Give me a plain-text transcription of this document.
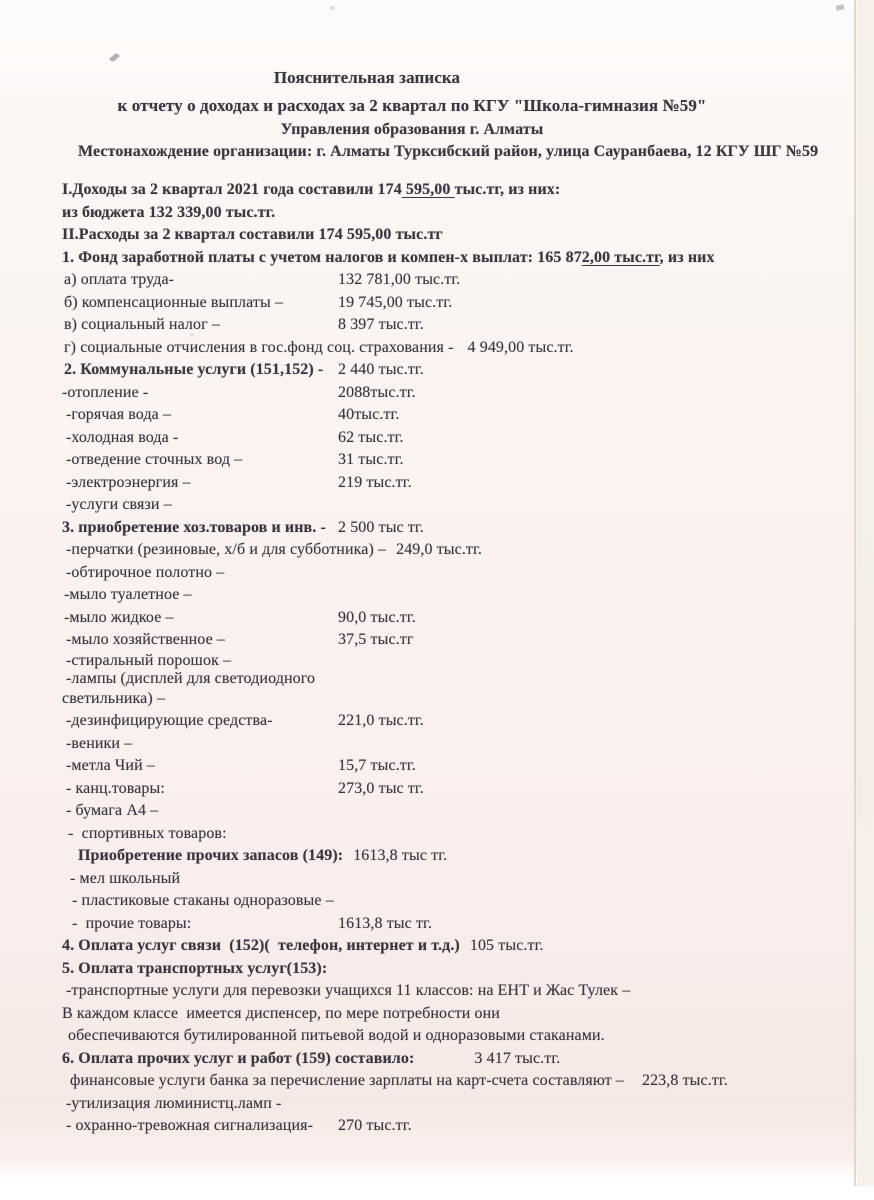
Пояснительная записка
к отчету о доходах и расходах за 2 квартал по КГУ "Школа-гимназия №59"
Управления образования г. Алматы
Местонахождение организации: г. Алматы Турксибский район, улица Сауранбаева, 12 КГУ ШГ №59
I.Доходы за 2 квартал 2021 года составили 174 595,00 тыс.тг, из них:
из бюджета 132 339,00 тыс.тг.
II.Расходы за 2 квартал составили 174 595,00 тыс.тг
1. Фонд заработной платы с учетом налогов и компен-х выплат: 165 872,00 тыс.тг, из них
а) оплата труда-	132 781,00 тыс.тг.
б) компенсационные выплаты –	19 745,00 тыс.тг.
в) социальный налог –	8 397 тыс.тг.
г) социальные отчисления в гос.фонд соц. страхования - 4 949,00 тыс.тг.
2. Коммунальные услуги (151,152) - 2 440 тыс.тг.
-отопление -	2088тыс.тг.
-горячая вода –	40тыс.тг.
-холодная вода -	62 тыс.тг.
-отведение сточных вод –	31 тыс.тг.
-электроэнергия –	219 тыс.тг.
-услуги связи –
3. приобретение хоз.товаров и инв. - 2 500 тыс тг.
-перчатки (резиновые, х/б и для субботника) – 249,0 тыс.тг.
-обтирочное полотно –
-мыло туалетное –
-мыло жидкое –	90,0 тыс.тг.
-мыло хозяйственное –	37,5 тыс.тг
-стиральный порошок –
-лампы (дисплей для светодиодного
светильника) –
-дезинфицирующие средства-	221,0 тыс.тг.
-веники –
-метла Чий –	15,7 тыс.тг.
- канц.товары:	273,0 тыс тг.
- бумага А4 –
-  спортивных товаров:
Приобретение прочих запасов (149): 1613,8 тыс тг.
- мел школьный
- пластиковые стаканы одноразовые –
-  прочие товары:	1613,8 тыс тг.
4. Оплата услуг связи  (152)(  телефон, интернет и т.д.) 105 тыс.тг.
5. Оплата транспортных услуг(153):
-транспортные услуги для перевозки учащихся 11 классов: на ЕНТ и Жас Тулек –
В каждом классе  имеется диспенсер, по мере потребности они
обеспечиваются бутилированной питьевой водой и одноразовыми стаканами.
6. Оплата прочих услуг и работ (159) составило:	3 417 тыс.тг.
финансовые услуги банка за перечисление зарплаты на карт-счета составляют – 223,8 тыс.тг.
-утилизация люминистц.ламп -
- охранно-тревожная сигнализация- 270 тыс.тг.
